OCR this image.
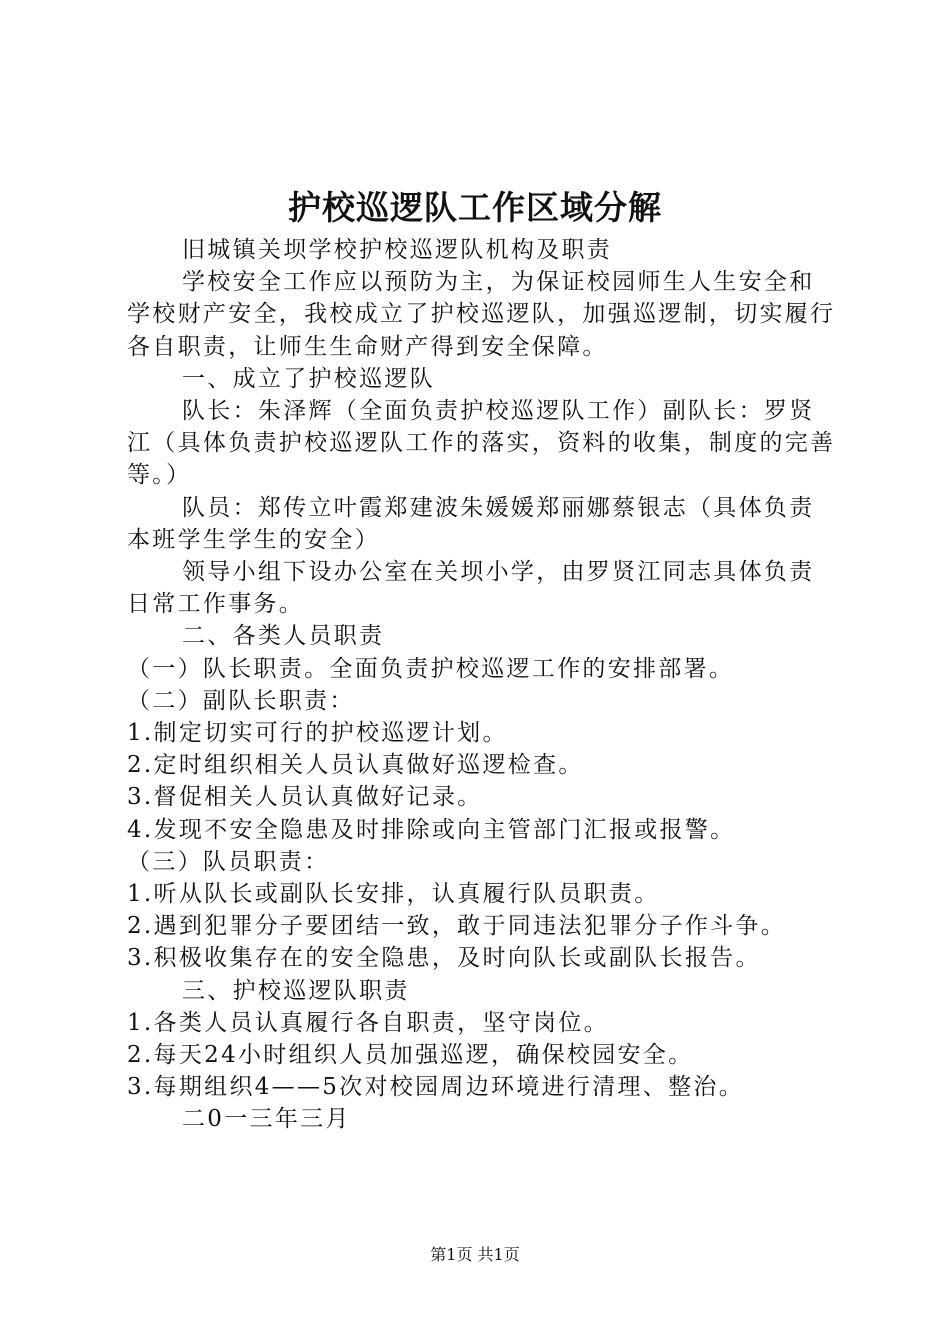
护校巡逻队工作区域分解

旧城镇关坝学校护校巡逻队机构及职责

学校安全工作应以预防为主，为保证校园师生人生安全和学校财产安全，我校成立了护校巡逻队，加强巡逻制，切实履行各自职责，让师生生命财产得到安全保障。

一、成立了护校巡逻队

队长：朱泽辉（全面负责护校巡逻队工作）副队长：罗贤江（具体负责护校巡逻队工作的落实，资料的收集，制度的完善等。）

队员：郑传立叶霞郑建波朱媛媛郑丽娜蔡银志（具体负责本班学生学生的安全）

领导小组下设办公室在关坝小学，由罗贤江同志具体负责日常工作事务。

二、各类人员职责

（一）队长职责。全面负责护校巡逻工作的安排部署。

（二）副队长职责：

1.制定切实可行的护校巡逻计划。

2.定时组织相关人员认真做好巡逻检查。

3.督促相关人员认真做好记录。

4.发现不安全隐患及时排除或向主管部门汇报或报警。

（三）队员职责：

1.听从队长或副队长安排，认真履行队员职责。

2.遇到犯罪分子要团结一致，敢于同违法犯罪分子作斗争。

3.积极收集存在的安全隐患，及时向队长或副队长报告。

三、护校巡逻队职责

1.各类人员认真履行各自职责，坚守岗位。

2.每天24小时组织人员加强巡逻，确保校园安全。

3.每期组织4——5次对校园周边环境进行清理、整治。

二0一三年三月

第1页 共1页
